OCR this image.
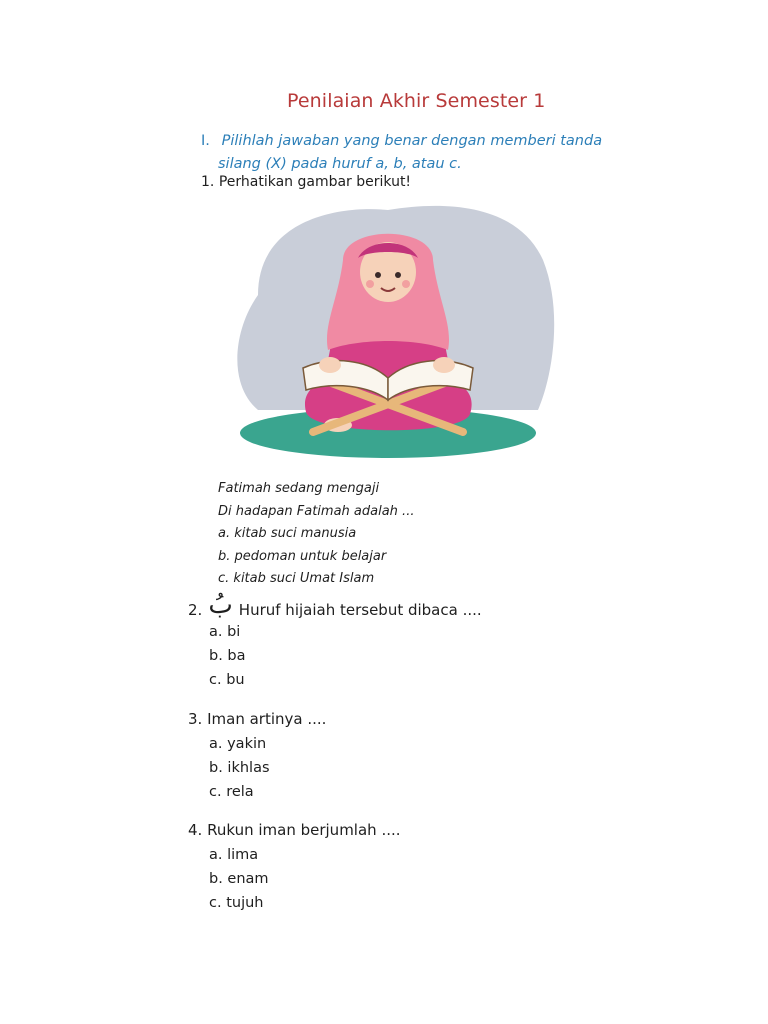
Penilaian Akhir Semester 1
I. Pilihlah jawaban yang benar dengan memberi tanda
silang (X) pada huruf a, b, atau c.
1. Perhatikan gambar berikut!
Fatimah sedang mengaji
Di hadapan Fatimah adalah ...
a. kitab suci manusia
b. pedoman untuk belajar
c. kitab suci Umat Islam
2. بُ Huruf hijaiah tersebut dibaca ....
a. bi
b. ba
c. bu
3. Iman artinya ....
a. yakin
b. ikhlas
c. rela
4. Rukun iman berjumlah ....
a. lima
b. enam
c. tujuh
